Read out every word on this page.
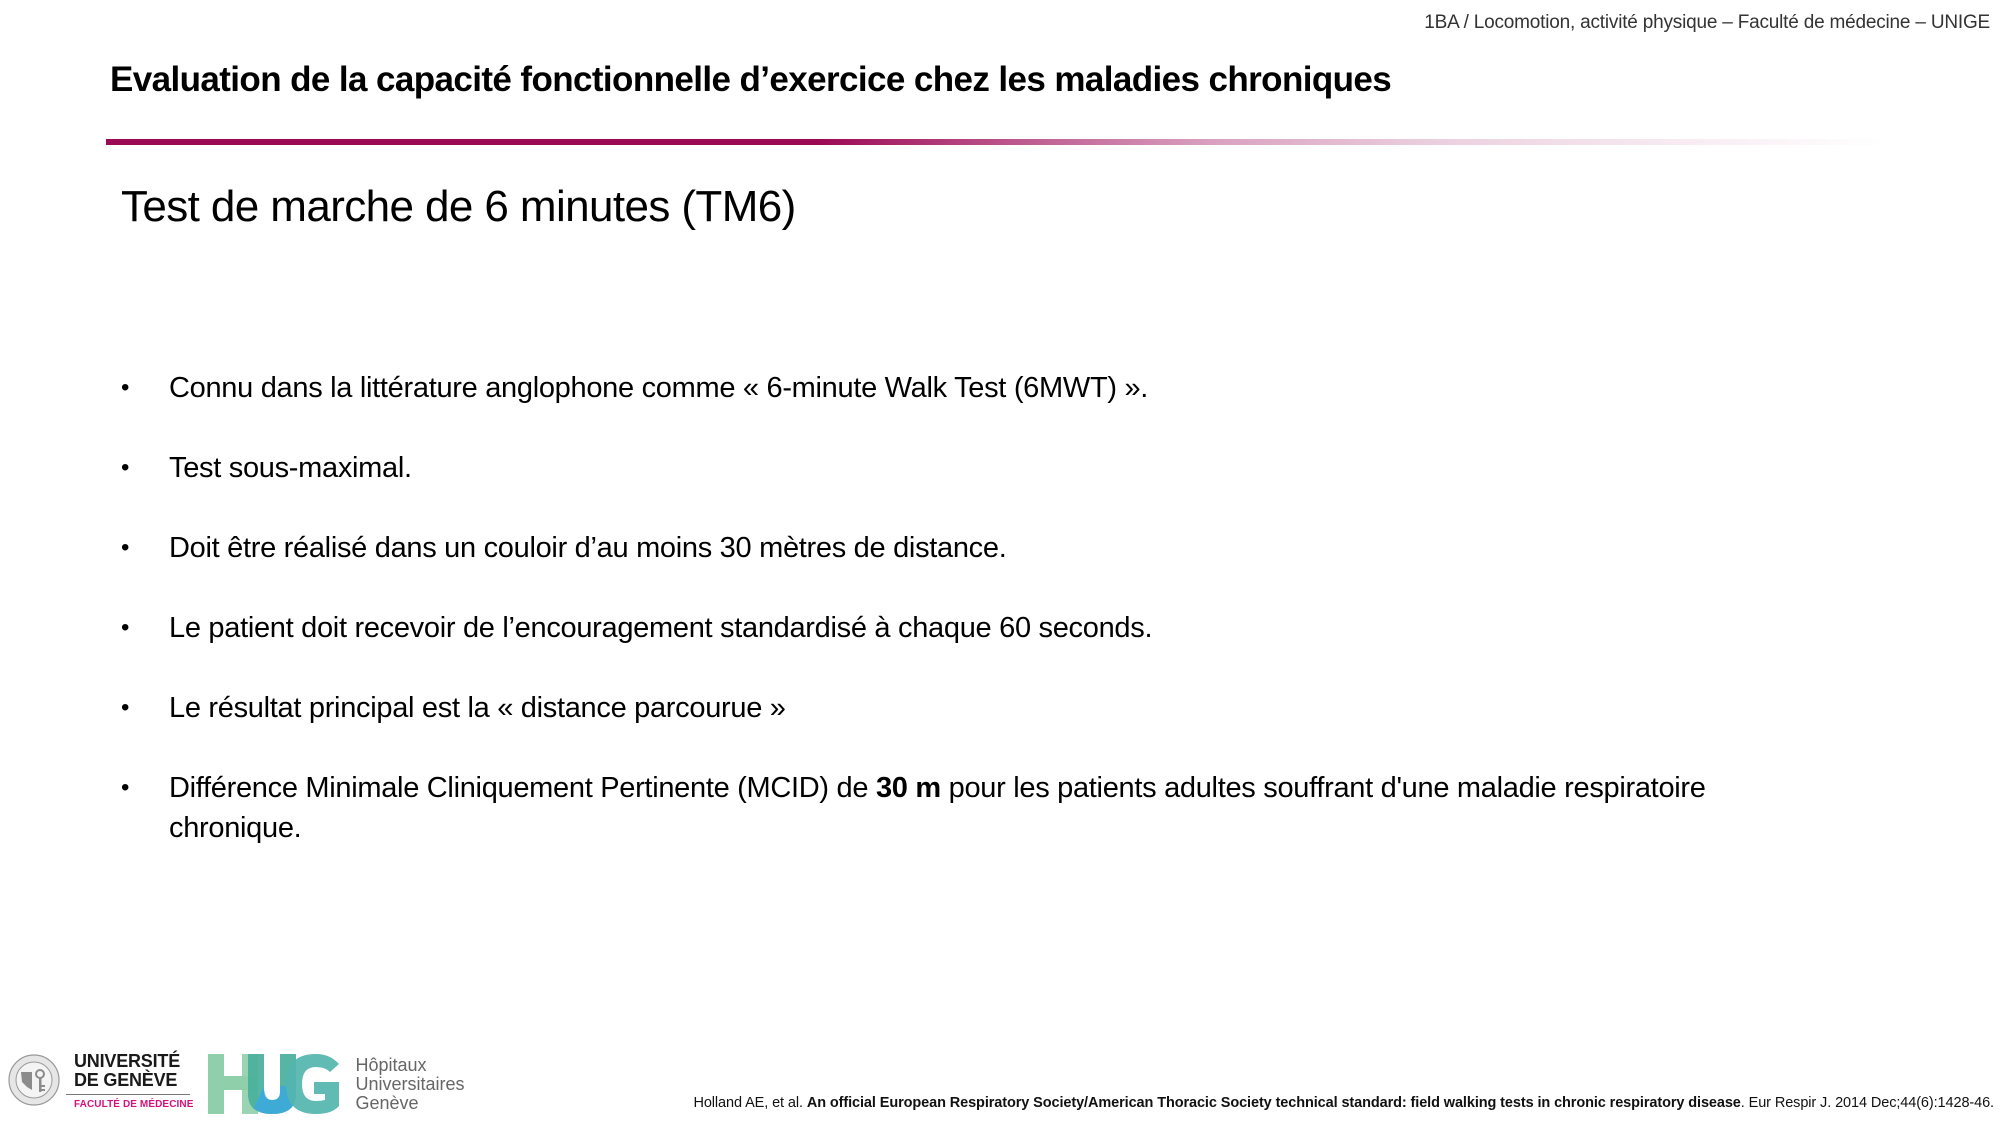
1BA / Locomotion, activité physique – Faculté de médecine – UNIGE
Evaluation de la capacité fonctionnelle d’exercice chez les maladies chroniques
Test de marche de 6 minutes (TM6)
• Connu dans la littérature anglophone comme « 6-minute Walk Test (6MWT) ».
• Test sous-maximal.
• Doit être réalisé dans un couloir d’au moins 30 mètres de distance.
• Le patient doit recevoir de l’encouragement standardisé à chaque 60 seconds.
• Le résultat principal est la « distance parcourue »
• Différence Minimale Cliniquement Pertinente (MCID) de 30 m pour les patients adultes souffrant d'une maladie respiratoire chronique.
UNIVERSITÉ
DE GENÈVE
FACULTÉ DE MÉDECINE
Hôpitaux
Universitaires
Genève	Holland AE, et al. An official European Respiratory Society/American Thoracic Society technical standard: field walking tests in chronic respiratory disease. Eur Respir J. 2014 Dec;44(6):1428-46.
